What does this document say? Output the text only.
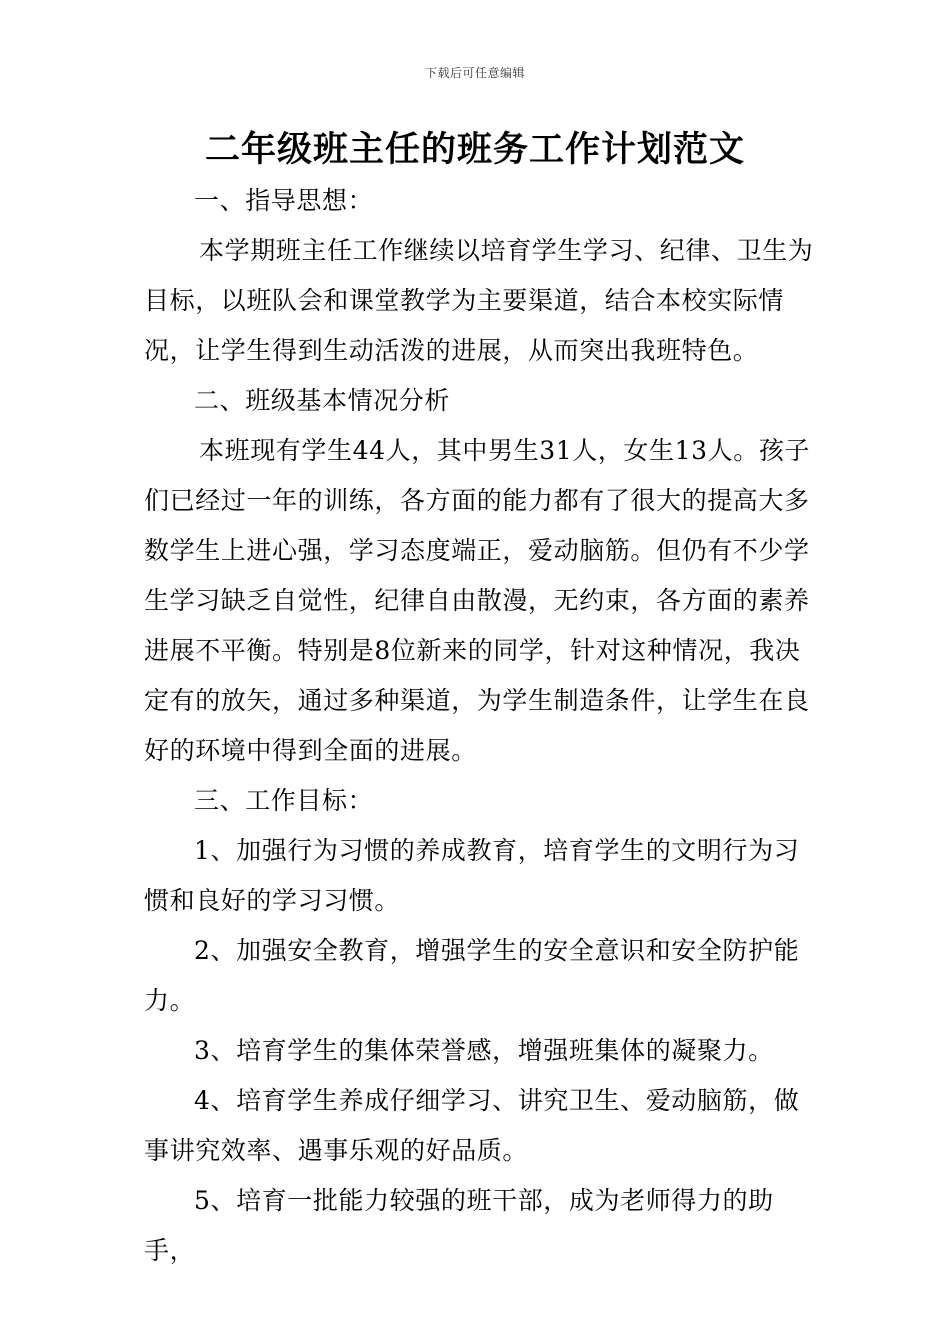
下载后可任意编辑
二年级班主任的班务工作计划范文

一、指导思想：

本学期班主任工作继续以培育学生学习、纪律、卫生为目标，以班队会和课堂教学为主要渠道，结合本校实际情况，让学生得到生动活泼的进展，从而突出我班特色。

二、班级基本情况分析

本班现有学生44人，其中男生31人，女生13人。孩子们已经过一年的训练，各方面的能力都有了很大的提高大多数学生上进心强，学习态度端正，爱动脑筋。但仍有不少学生学习缺乏自觉性，纪律自由散漫，无约束，各方面的素养进展不平衡。特别是8位新来的同学，针对这种情况，我决定有的放矢，通过多种渠道，为学生制造条件，让学生在良好的环境中得到全面的进展。

三、工作目标：

1、加强行为习惯的养成教育，培育学生的文明行为习惯和良好的学习习惯。

2、加强安全教育，增强学生的安全意识和安全防护能力。

3、培育学生的集体荣誉感，增强班集体的凝聚力。

4、培育学生养成仔细学习、讲究卫生、爱动脑筋，做事讲究效率、遇事乐观的好品质。

5、培育一批能力较强的班干部，成为老师得力的助手，
